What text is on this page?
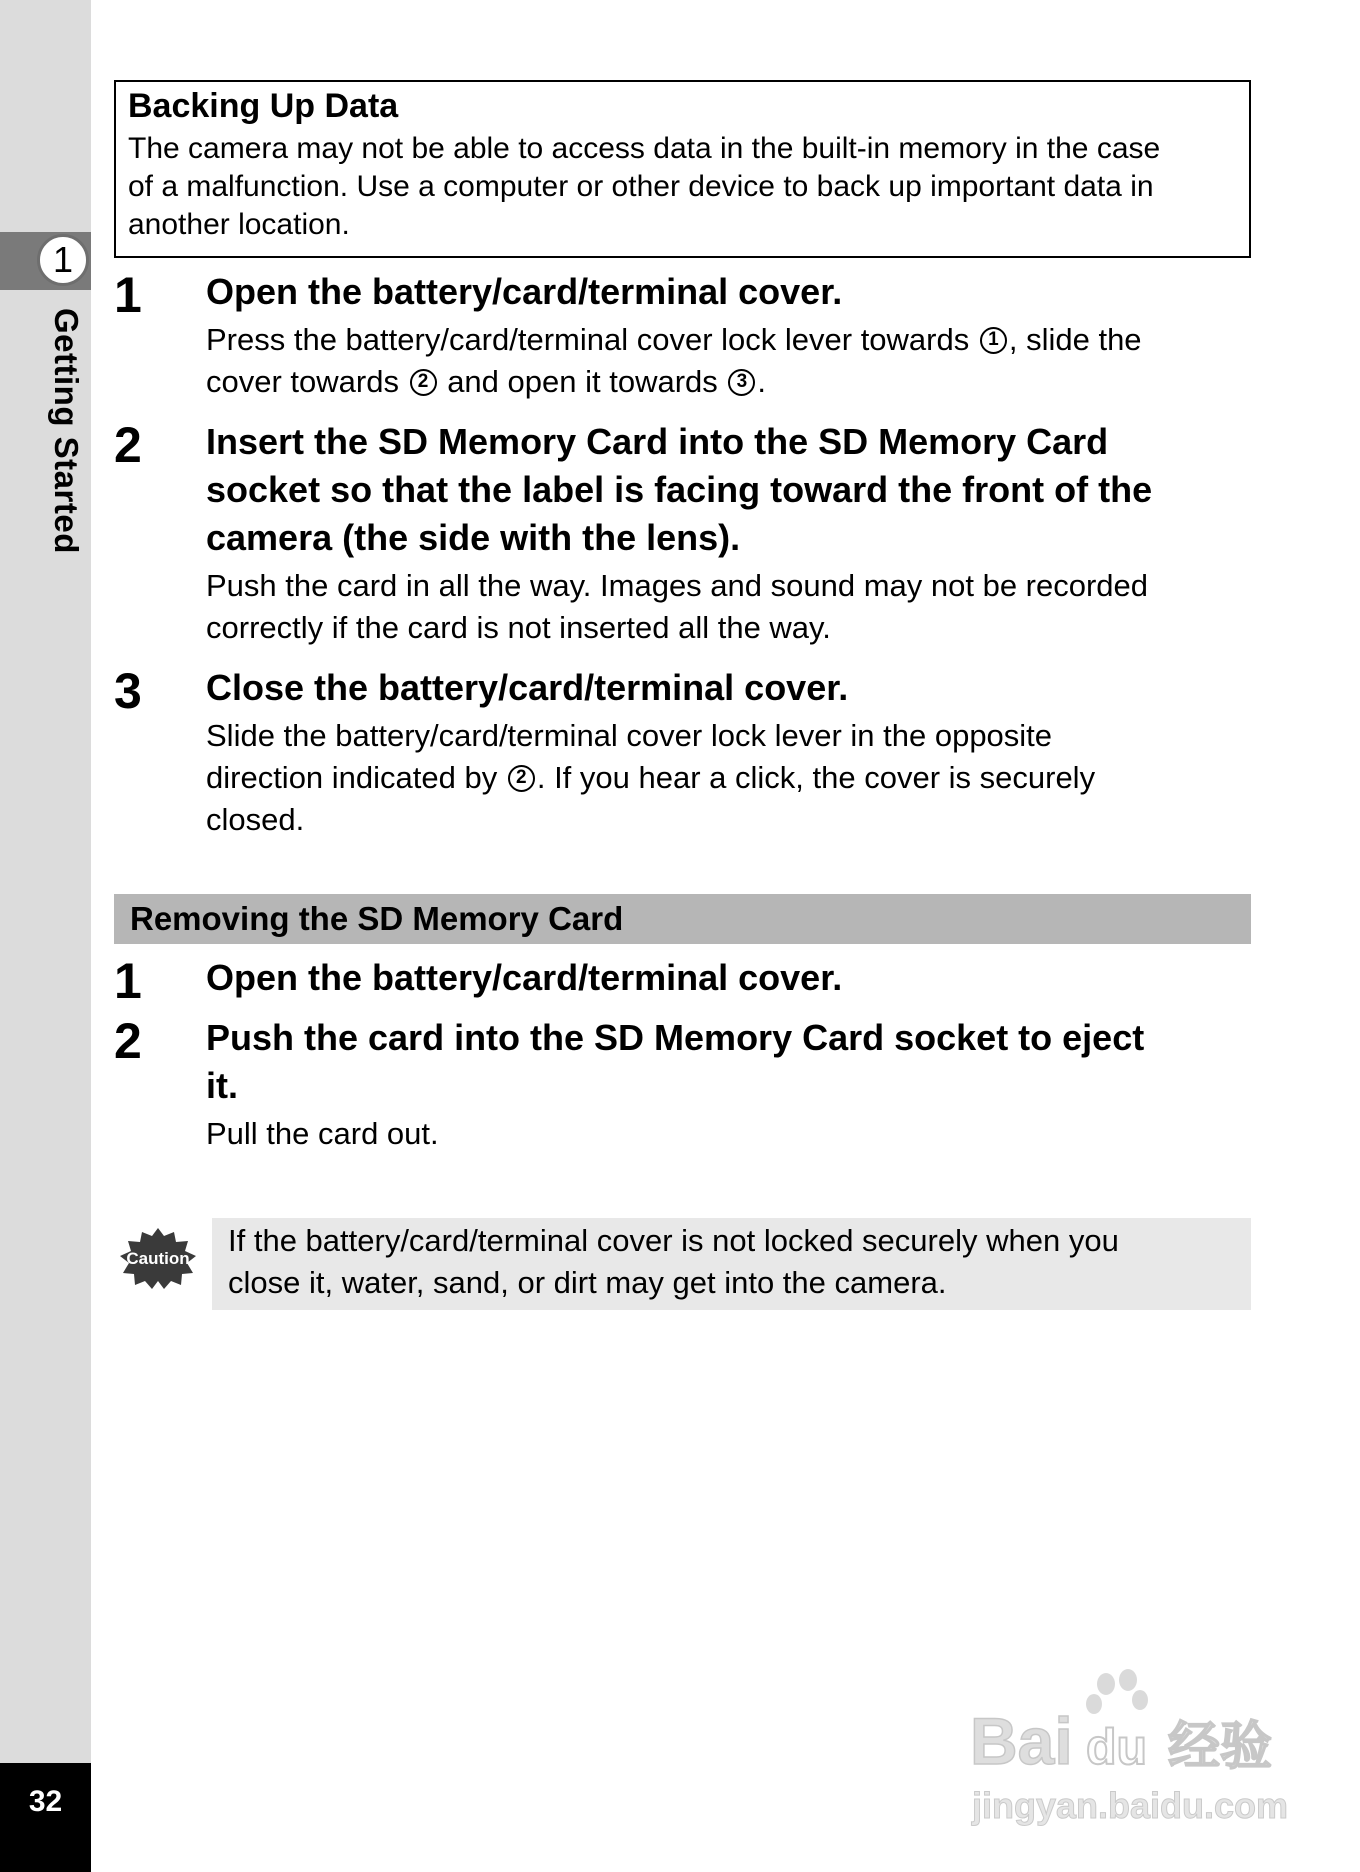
1
Getting Started
32
Backing Up Data
The camera may not be able to access data in the built-in memory in the case
of a malfunction. Use a computer or other device to back up important data in
another location.
1 Open the battery/card/terminal cover.
Press the battery/card/terminal cover lock lever towards 1 , slide the
cover towards 2 and open it towards 3 .
2 Insert the SD Memory Card into the SD Memory Card
socket so that the label is facing toward the front of the
camera (the side with the lens).
Push the card in all the way. Images and sound may not be recorded
correctly if the card is not inserted all the way.
3 Close the battery/card/terminal cover.
Slide the battery/card/terminal cover lock lever in the opposite
direction indicated by 2 . If you hear a click, the cover is securely
closed.
Removing the SD Memory Card
1 Open the battery/card/terminal cover.
2 Push the card into the SD Memory Card socket to eject
it.
Pull the card out.
Caution
If the battery/card/terminal cover is not locked securely when you
close it, water, sand, or dirt may get into the camera.
Bai du 经验
jingyan.baidu.com
